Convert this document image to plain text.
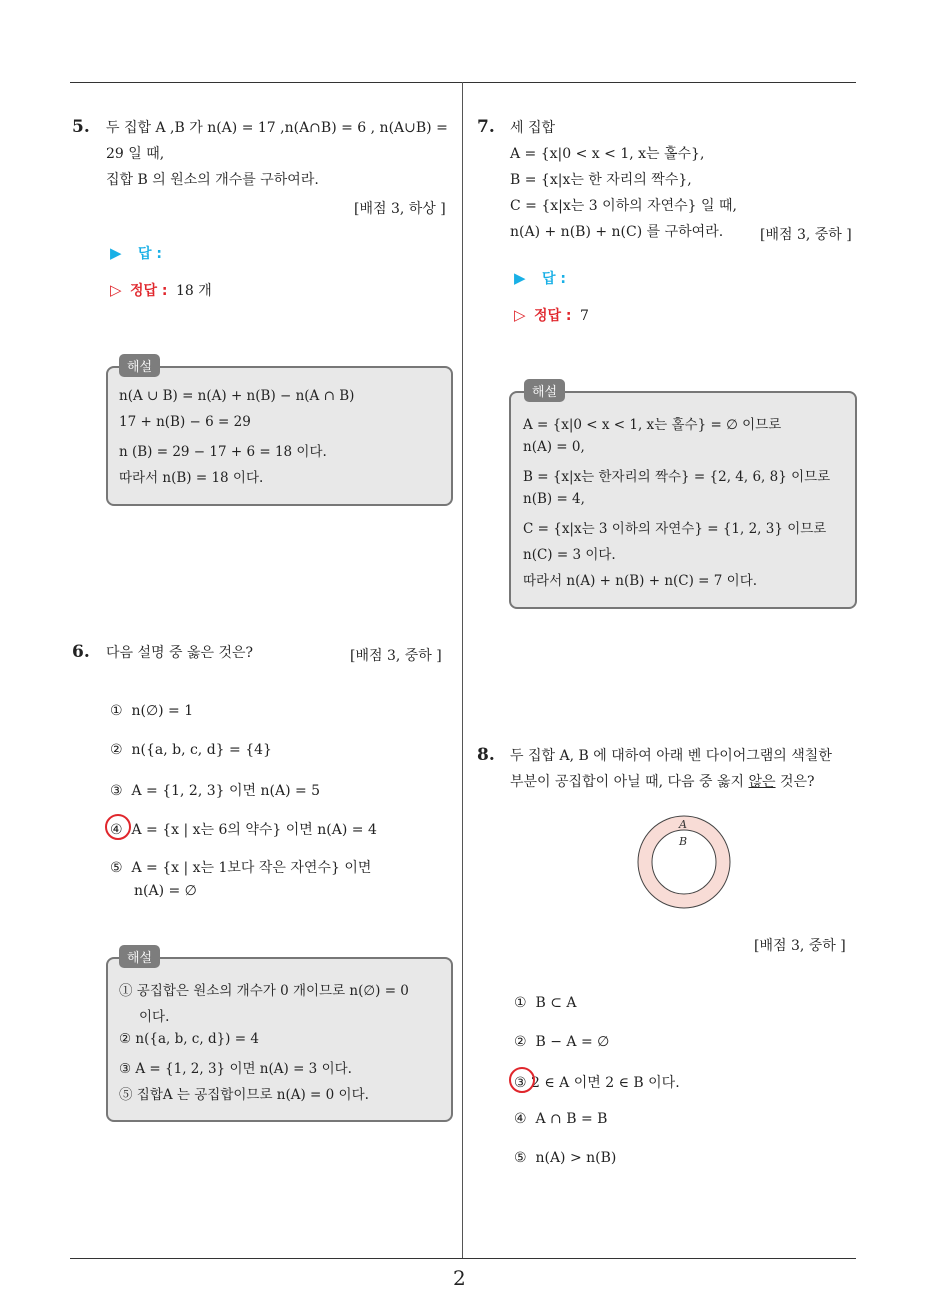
2
5. 두 집합 A ,B 가 n(A) = 17 ,n(A∩B) = 6 , n(A∪B) =
29 일 때,
집합 B 의 원소의 개수를 구하여라.
[배점 3, 하상 ]
▶ 답 :
▷ 정답 : 18 개
n(A ∪ B) = n(A) + n(B) − n(A ∩ B)
17 + n(B) − 6 = 29
n (B) = 29 − 17 + 6 = 18 이다.
따라서 n(B) = 18 이다.
해설
6. 다음 설명 중 옳은 것은?	[배점 3, 중하 ]
① n(∅) = 1
② n({a, b, c, d} = {4}
③ A = {1, 2, 3} 이면 n(A) = 5
④ A = {x | x는 6의 약수} 이면 n(A) = 4
⑤ A = {x | x는 1보다 작은 자연수} 이면
n(A) = ∅
① 공집합은 원소의 개수가 0 개이므로 n(∅) = 0
이다.
② n({a, b, c, d}) = 4
③ A = {1, 2, 3} 이면 n(A) = 3 이다.
⑤ 집합A 는 공집합이므로 n(A) = 0 이다.
해설
7. 세 집합
A = {x|0 < x < 1, x는 홀수},
B = {x|x는 한 자리의 짝수},
C = {x|x는 3 이하의 자연수} 일 때,
n(A) + n(B) + n(C) 를 구하여라.	[배점 3, 중하 ]
▶ 답 :
▷ 정답 : 7
A = {x|0 < x < 1, x는 홀수} = ∅ 이므로
n(A) = 0,
B = {x|x는 한자리의 짝수} = {2, 4, 6, 8} 이므로
n(B) = 4,
C = {x|x는 3 이하의 자연수} = {1, 2, 3} 이므로
n(C) = 3 이다.
따라서 n(A) + n(B) + n(C) = 7 이다.
해설
8. 두 집합 A, B 에 대하여 아래 벤 다이어그램의 색칠한
부분이 공집합이 아닐 때, 다음 중 옳지 않은 것은?
A
B
[배점 3, 중하 ]
① B ⊂ A
② B − A = ∅
③ 2 ∈ A 이면 2 ∈ B 이다.
④ A ∩ B = B
⑤ n(A) > n(B)
